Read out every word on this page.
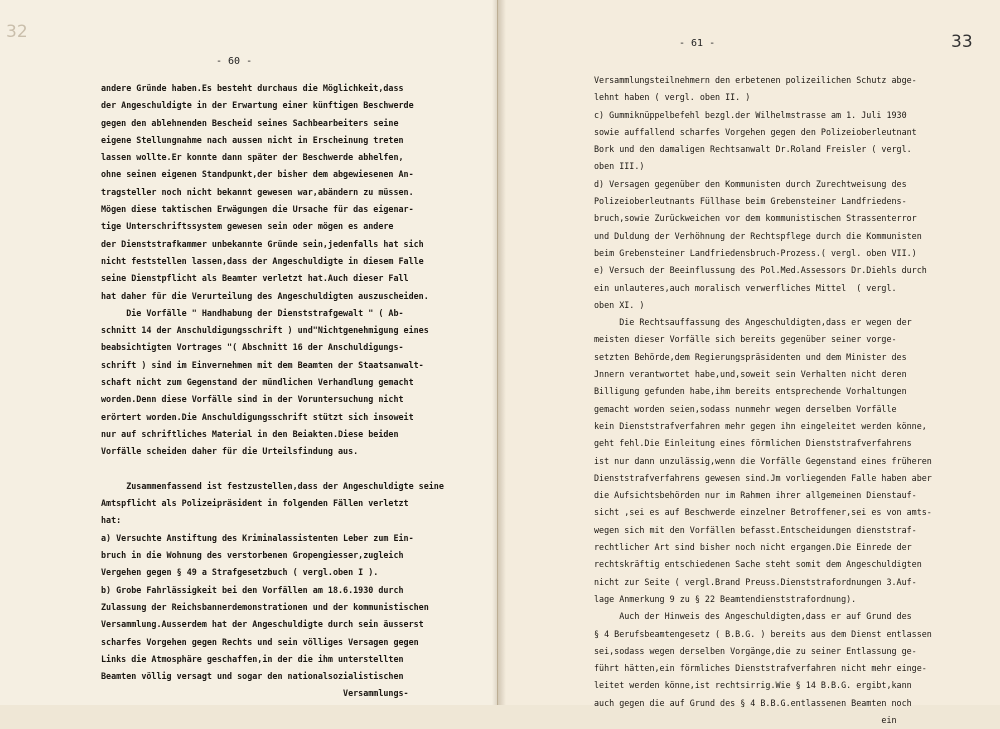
32
- 60 -
33
- 61 -
andere Gründe haben.Es besteht durchaus die Möglichkeit,dass
der Angeschuldigte in der Erwartung einer künftigen Beschwerde
gegen den ablehnenden Bescheid seines Sachbearbeiters seine
eigene Stellungnahme nach aussen nicht in Erscheinung treten
lassen wollte.Er konnte dann später der Beschwerde abhelfen,
ohne seinen eigenen Standpunkt,der bisher dem abgewiesenen An-
tragsteller noch nicht bekannt gewesen war,abändern zu müssen.
Mögen diese taktischen Erwägungen die Ursache für das eigenar-
tige Unterschriftssystem gewesen sein oder mögen es andere
der Dienststrafkammer unbekannte Gründe sein,jedenfalls hat sich
nicht feststellen lassen,dass der Angeschuldigte in diesem Falle
seine Dienstpflicht als Beamter verletzt hat.Auch dieser Fall
hat daher für die Verurteilung des Angeschuldigten auszuscheiden.
Die Vorfälle " Handhabung der Dienststrafgewalt " ( Ab-
schnitt 14 der Anschuldigungsschrift ) und"Nichtgenehmigung eines
beabsichtigten Vortrages "( Abschnitt 16 der Anschuldigungs-
schrift ) sind im Einvernehmen mit dem Beamten der Staatsanwalt-
schaft nicht zum Gegenstand der mündlichen Verhandlung gemacht
worden.Denn diese Vorfälle sind in der Voruntersuchung nicht
erörtert worden.Die Anschuldigungsschrift stützt sich insoweit
nur auf schriftliches Material in den Beiakten.Diese beiden
Vorfälle scheiden daher für die Urteilsfindung aus.
Zusammenfassend ist festzustellen,dass der Angeschuldigte seine
Amtspflicht als Polizeipräsident in folgenden Fällen verletzt
hat:
a) Versuchte Anstiftung des Kriminalassistenten Leber zum Ein-
bruch in die Wohnung des verstorbenen Gropengiesser,zugleich
Vergehen gegen § 49 a Strafgesetzbuch ( vergl.oben I ).
b) Grobe Fahrlässigkeit bei den Vorfällen am 18.6.1930 durch
Zulassung der Reichsbannerdemonstrationen und der kommunistischen
Versammlung.Ausserdem hat der Angeschuldigte durch sein äusserst
scharfes Vorgehen gegen Rechts und sein völliges Versagen gegen
Links die Atmosphäre geschaffen,in der die ihm unterstellten
Beamten völlig versagt und sogar den nationalsozialistischen
Versammlungs-
Versammlungsteilnehmern den erbetenen polizeilichen Schutz abge-
lehnt haben ( vergl. oben II. )
c) Gummiknüppelbefehl bezgl.der Wilhelmstrasse am 1. Juli 1930
sowie auffallend scharfes Vorgehen gegen den Polizeioberleutnant
Bork und den damaligen Rechtsanwalt Dr.Roland Freisler ( vergl.
oben III.)
d) Versagen gegenüber den Kommunisten durch Zurechtweisung des
Polizeioberleutnants Füllhase beim Grebensteiner Landfriedens-
bruch,sowie Zurückweichen vor dem kommunistischen Strassenterror
und Duldung der Verhöhnung der Rechtspflege durch die Kommunisten
beim Grebensteiner Landfriedensbruch-Prozess.( vergl. oben VII.)
e) Versuch der Beeinflussung des Pol.Med.Assessors Dr.Diehls durch
ein unlauteres,auch moralisch verwerfliches Mittel  ( vergl.
oben XI. )
Die Rechtsauffassung des Angeschuldigten,dass er wegen der
meisten dieser Vorfälle sich bereits gegenüber seiner vorge-
setzten Behörde,dem Regierungspräsidenten und dem Minister des
Jnnern verantwortet habe,und,soweit sein Verhalten nicht deren
Billigung gefunden habe,ihm bereits entsprechende Vorhaltungen
gemacht worden seien,sodass nunmehr wegen derselben Vorfälle
kein Dienststrafverfahren mehr gegen ihn eingeleitet werden könne,
geht fehl.Die Einleitung eines förmlichen Dienststrafverfahrens
ist nur dann unzulässig,wenn die Vorfälle Gegenstand eines früheren
Dienststrafverfahrens gewesen sind.Jm vorliegenden Falle haben aber
die Aufsichtsbehörden nur im Rahmen ihrer allgemeinen Dienstauf-
sicht ,sei es auf Beschwerde einzelner Betroffener,sei es von amts-
wegen sich mit den Vorfällen befasst.Entscheidungen dienststraf-
rechtlicher Art sind bisher noch nicht ergangen.Die Einrede der
rechtskräftig entschiedenen Sache steht somit dem Angeschuldigten
nicht zur Seite ( vergl.Brand Preuss.Dienststrafordnungen 3.Auf-
lage Anmerkung 9 zu § 22 Beamtendienststrafordnung).
Auch der Hinweis des Angeschuldigten,dass er auf Grund des
§ 4 Berufsbeamtengesetz ( B.B.G. ) bereits aus dem Dienst entlassen
sei,sodass wegen derselben Vorgänge,die zu seiner Entlassung ge-
führt hätten,ein förmliches Dienststrafverfahren nicht mehr einge-
leitet werden könne,ist rechtsirrig.Wie § 14 B.B.G. ergibt,kann
auch gegen die auf Grund des § 4 B.B.G.entlassenen Beamten noch
ein
